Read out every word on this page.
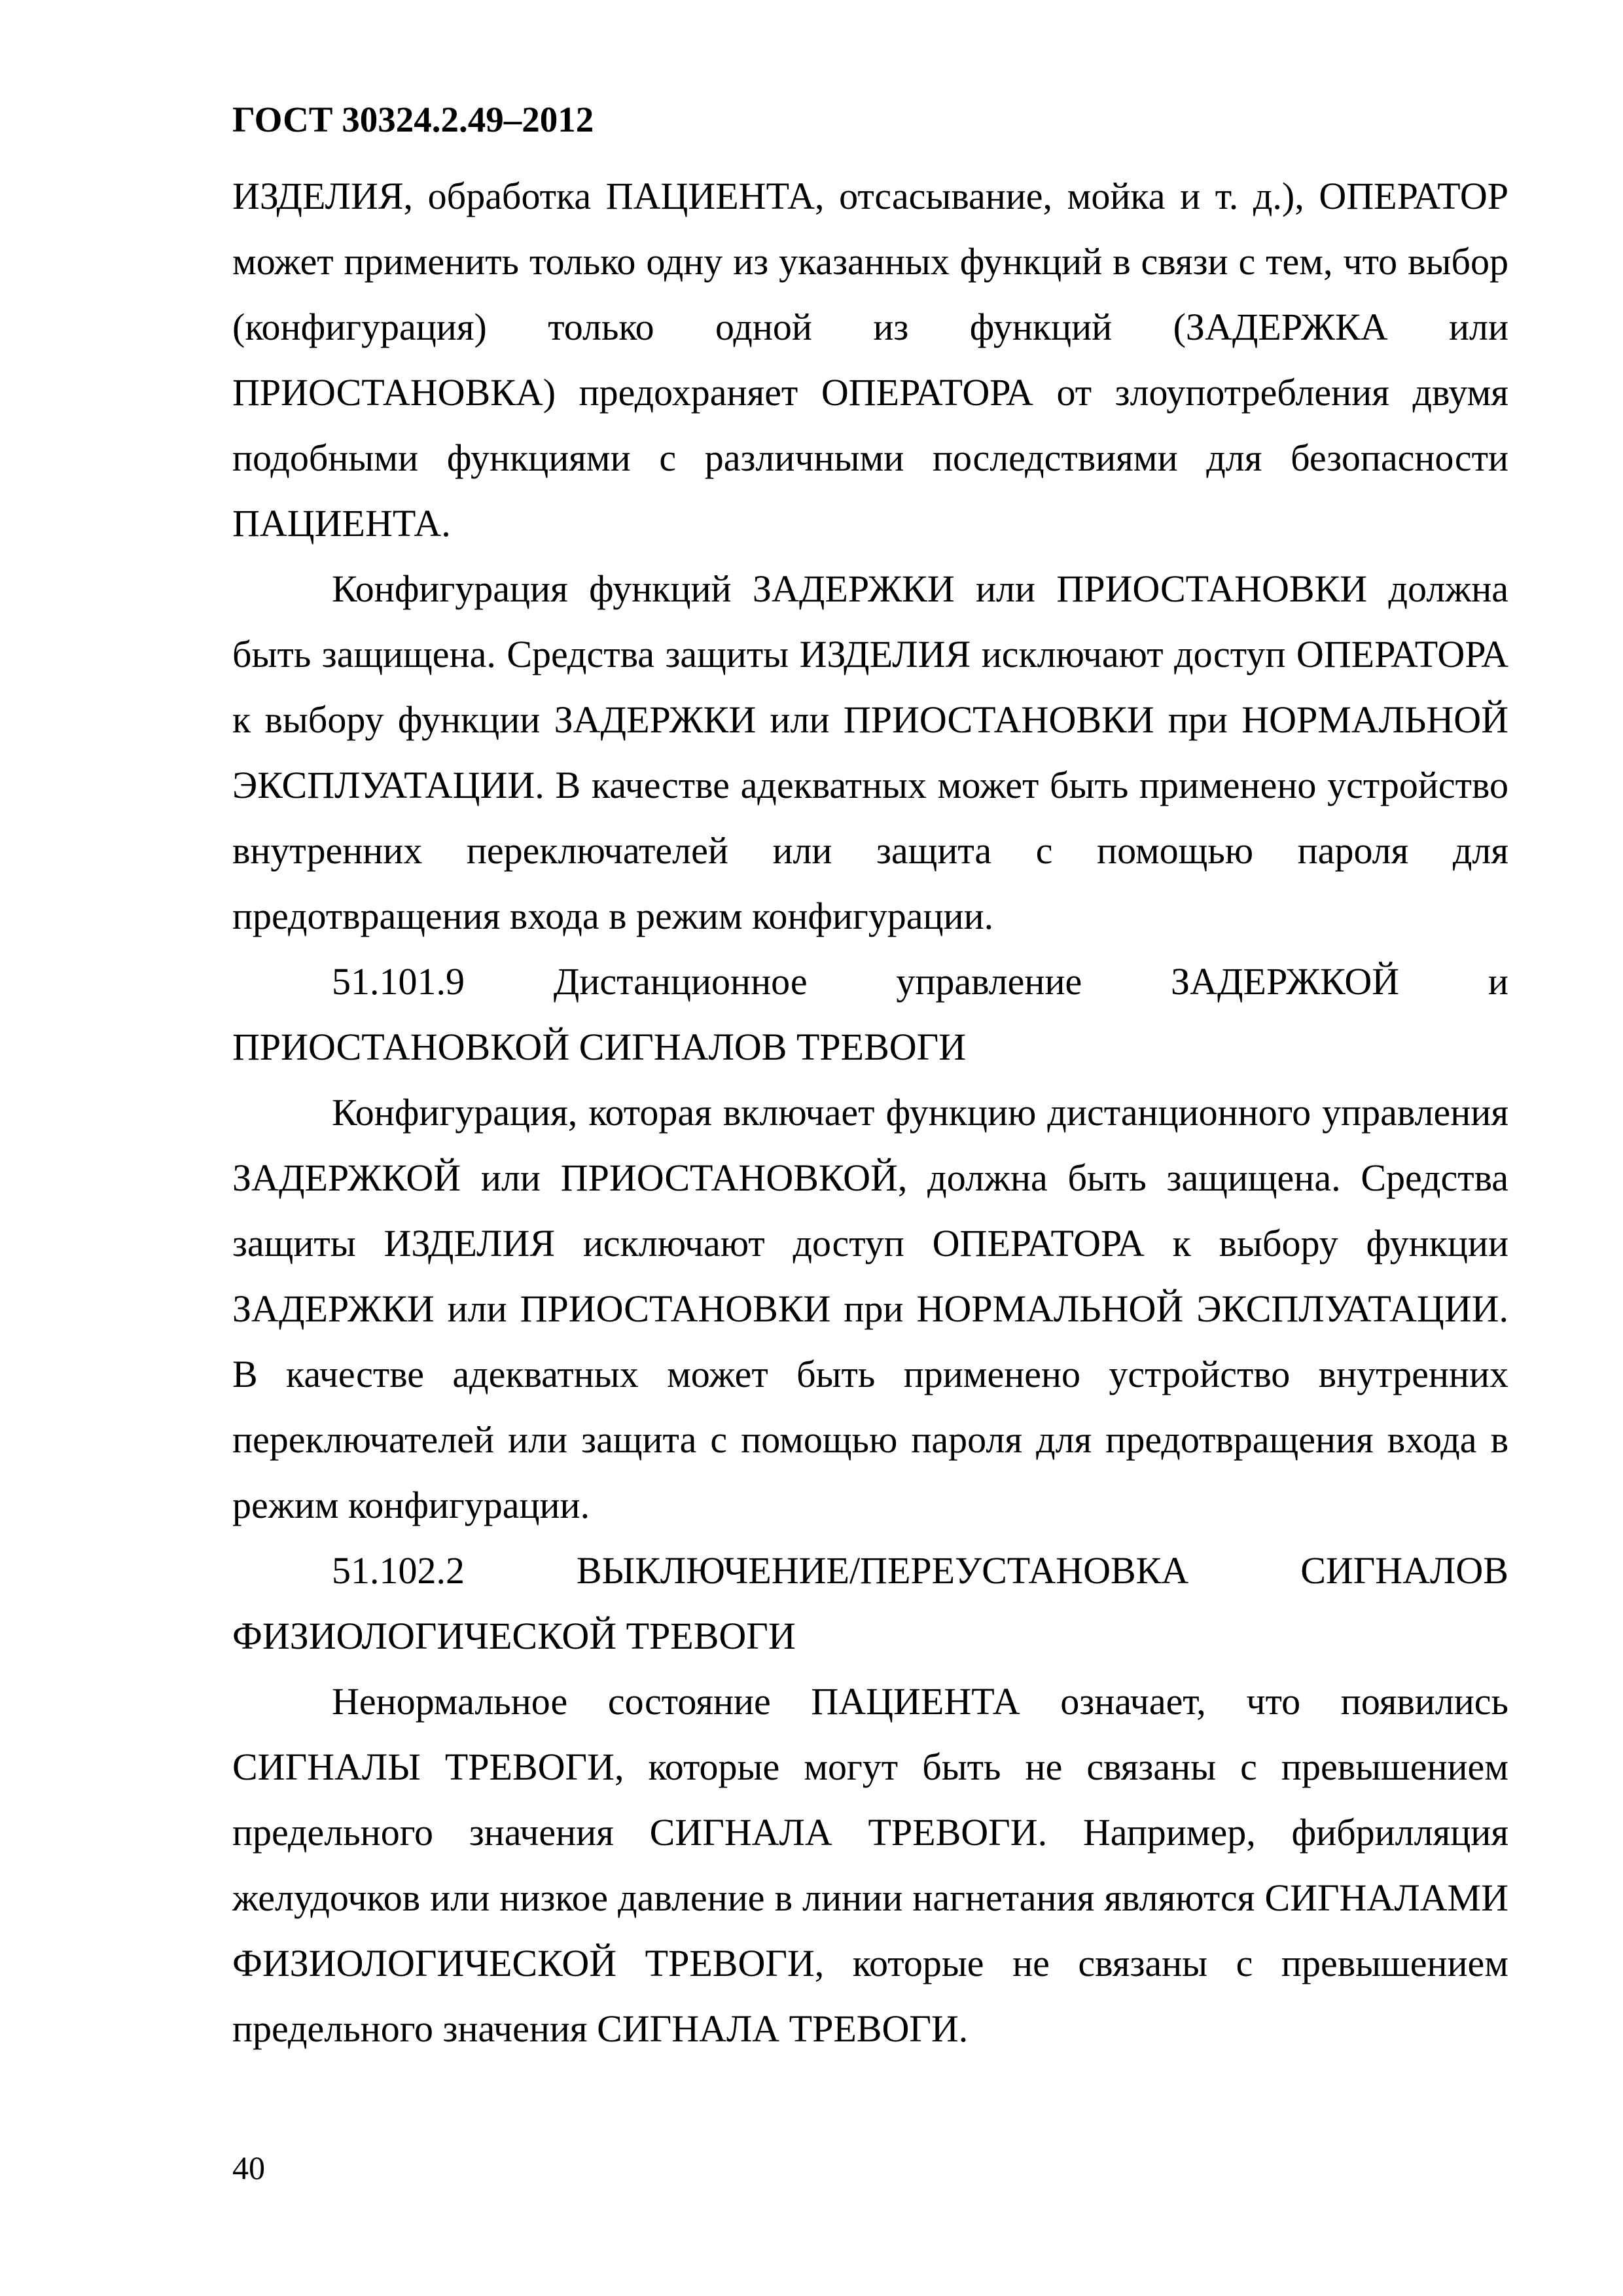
ГОСТ 30324.2.49–2012

ИЗДЕЛИЯ, обработка ПАЦИЕНТА, отсасывание, мойка и т. д.), ОПЕРАТОР может применить только одну из указанных функций в связи с тем, что выбор (конфигурация) только одной из функций (ЗАДЕРЖКА или ПРИОСТАНОВКА) предохраняет ОПЕРАТОРА от злоупотребления двумя подобными функциями с различными последствиями для безопасности ПАЦИЕНТА.

Конфигурация функций ЗАДЕРЖКИ или ПРИОСТАНОВКИ должна быть защищена. Средства защиты ИЗДЕЛИЯ исключают доступ ОПЕРАТОРА к выбору функции ЗАДЕРЖКИ или ПРИОСТАНОВКИ при НОРМАЛЬНОЙ ЭКСПЛУАТАЦИИ. В качестве адекватных может быть применено устройство внутренних переключателей или защита с помощью пароля для предотвращения входа в режим конфигурации.

51.101.9 Дистанционное управление ЗАДЕРЖКОЙ и
ПРИОСТАНОВКОЙ СИГНАЛОВ ТРЕВОГИ

Конфигурация, которая включает функцию дистанционного управления ЗАДЕРЖКОЙ или ПРИОСТАНОВКОЙ, должна быть защищена. Средства защиты ИЗДЕЛИЯ исключают доступ ОПЕРАТОРА к выбору функции ЗАДЕРЖКИ или ПРИОСТАНОВКИ при НОРМАЛЬНОЙ ЭКСПЛУАТАЦИИ. В качестве адекватных может быть применено устройство внутренних переключателей или защита с помощью пароля для предотвращения входа в режим конфигурации.

51.102.2	ВЫКЛЮЧЕНИЕ/ПЕРЕУСТАНОВКА	СИГНАЛОВ
ФИЗИОЛОГИЧЕСКОЙ ТРЕВОГИ

Ненормальное состояние ПАЦИЕНТА означает, что появились СИГНАЛЫ ТРЕВОГИ, которые могут быть не связаны с превышением предельного значения СИГНАЛА ТРЕВОГИ. Например, фибрилляция желудочков или низкое давление в линии нагнетания являются СИГНАЛАМИ ФИЗИОЛОГИЧЕСКОЙ ТРЕВОГИ, которые не связаны с превышением предельного значения СИГНАЛА ТРЕВОГИ.

40
